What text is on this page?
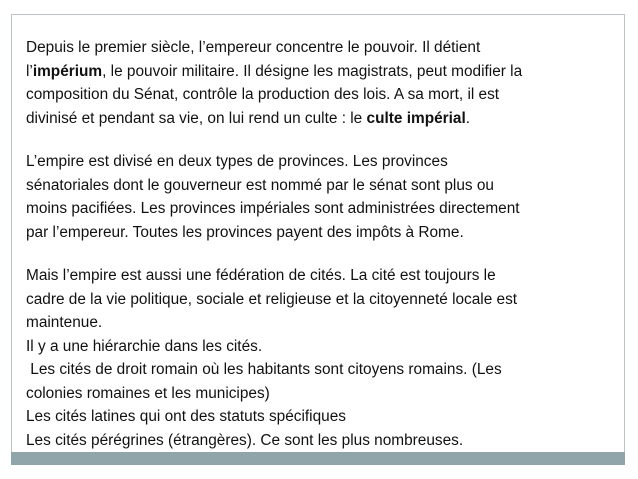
Depuis le premier siècle, l’empereur concentre le pouvoir. Il détient

l’impérium, le pouvoir militaire. Il désigne les magistrats, peut modifier la

composition du Sénat, contrôle la production des lois. A sa mort, il est

divinisé et pendant sa vie, on lui rend un culte : le culte impérial.

L’empire est divisé en deux types de provinces. Les provinces

sénatoriales dont le gouverneur est nommé par le sénat sont plus ou

moins pacifiées. Les provinces impériales sont administrées directement

par l’empereur. Toutes les provinces payent des impôts à Rome.

Mais l’empire est aussi une fédération de cités. La cité est toujours le

cadre de la vie politique, sociale et religieuse et la citoyenneté locale est

maintenue.

Il y a une hiérarchie dans les cités.

Les cités de droit romain où les habitants sont citoyens romains. (Les

colonies romaines et les municipes)

Les cités latines qui ont des statuts spécifiques

Les cités pérégrines (étrangères). Ce sont les plus nombreuses.
